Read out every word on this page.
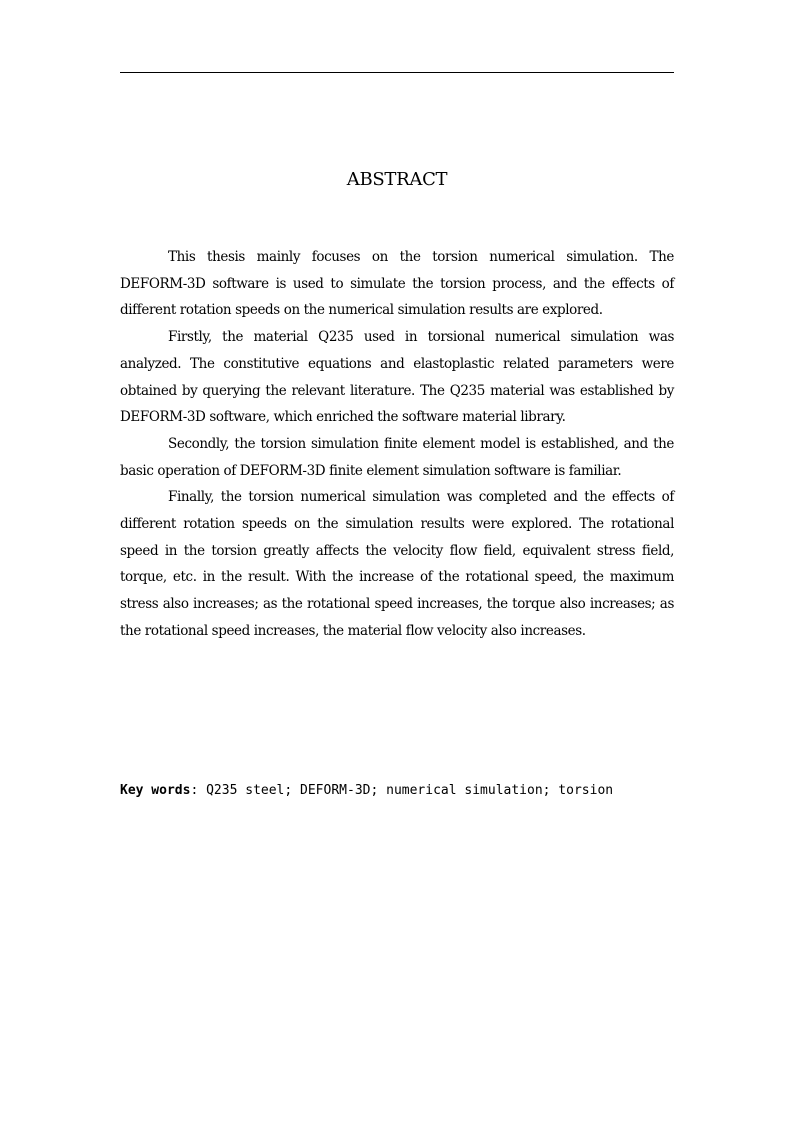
ABSTRACT

This thesis mainly focuses on the torsion numerical simulation. The DEFORM-3D software is used to simulate the torsion process, and the effects of different rotation speeds on the numerical simulation results are explored.

Firstly, the material Q235 used in torsional numerical simulation was analyzed. The constitutive equations and elastoplastic related parameters were obtained by querying the relevant literature. The Q235 material was established by DEFORM-3D software, which enriched the software material library.

Secondly, the torsion simulation finite element model is established, and the basic operation of DEFORM-3D finite element simulation software is familiar.

Finally, the torsion numerical simulation was completed and the effects of different rotation speeds on the simulation results were explored. The rotational speed in the torsion greatly affects the velocity flow field, equivalent stress field, torque, etc. in the result. With the increase of the rotational speed, the maximum stress also increases; as the rotational speed increases, the torque also increases; as the rotational speed increases, the material flow velocity also increases.

Key words: Q235 steel; DEFORM-3D; numerical simulation; torsion
